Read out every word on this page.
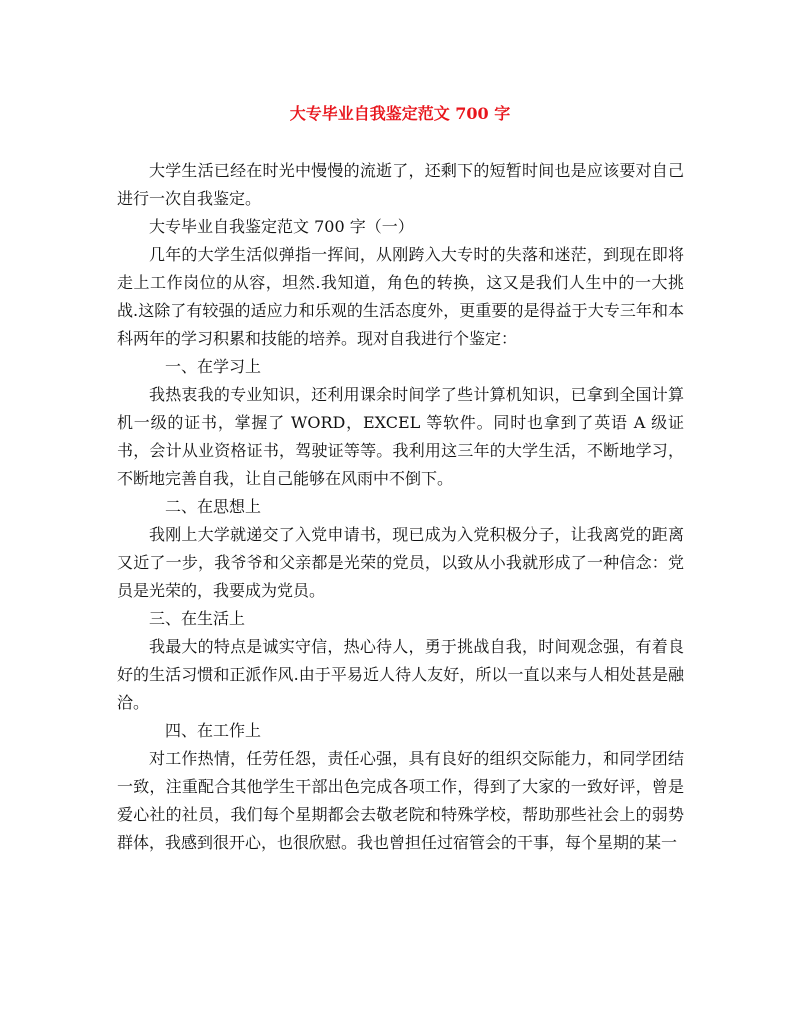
大专毕业自我鉴定范文 700 字

大学生活已经在时光中慢慢的流逝了，还剩下的短暂时间也是应该要对自己进行一次自我鉴定。

大专毕业自我鉴定范文 700 字（一）

几年的大学生活似弹指一挥间，从刚跨入大专时的失落和迷茫，到现在即将走上工作岗位的从容，坦然.我知道，角色的转换，这又是我们人生中的一大挑战.这除了有较强的适应力和乐观的生活态度外，更重要的是得益于大专三年和本科两年的学习积累和技能的培养。现对自我进行个鉴定：

一、在学习上

我热衷我的专业知识，还利用课余时间学了些计算机知识，已拿到全国计算机一级的证书，掌握了 WORD，EXCEL 等软件。同时也拿到了英语 A 级证书，会计从业资格证书，驾驶证等等。我利用这三年的大学生活，不断地学习，不断地完善自我，让自己能够在风雨中不倒下。

二、在思想上

我刚上大学就递交了入党申请书，现已成为入党积极分子，让我离党的距离又近了一步，我爷爷和父亲都是光荣的党员，以致从小我就形成了一种信念：党员是光荣的，我要成为党员。

三、在生活上

我最大的特点是诚实守信，热心待人，勇于挑战自我，时间观念强，有着良好的生活习惯和正派作风.由于平易近人待人友好，所以一直以来与人相处甚是融洽。

四、在工作上

对工作热情，任劳任怨，责任心强，具有良好的组织交际能力，和同学团结一致，注重配合其他学生干部出色完成各项工作，得到了大家的一致好评，曾是爱心社的社员，我们每个星期都会去敬老院和特殊学校，帮助那些社会上的弱势群体，我感到很开心，也很欣慰。我也曾担任过宿管会的干事，每个星期的某一
